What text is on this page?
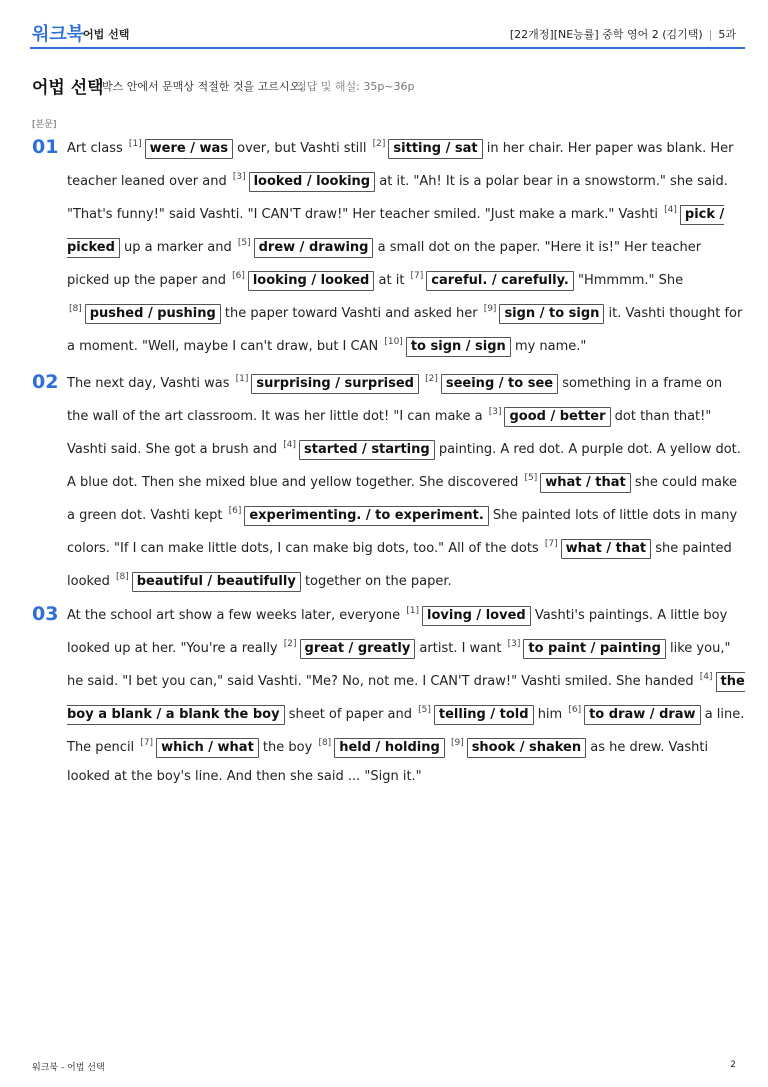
워크북
어법 선택	[22개정][NE능률] 중학 영어 2 (김기택) | 5과
어법 선택
박스 안에서 문맥상 적절한 것을 고르시오.
정답 및 해설: 35p~36p
[본문]
01 Art class [1] were / was over, but Vashti still [2] sitting / sat in her chair. Her paper was blank. Her teacher leaned over and [3] looked / looking at it. "Ah! It is a polar bear in a snowstorm." she said. "That's funny!" said Vashti. "I CAN'T draw!" Her teacher smiled. "Just make a mark." Vashti [4] pick / picked up a marker and [5] drew / drawing a small dot on the paper. "Here it is!" Her teacher picked up the paper and [6] looking / looked at it [7] careful. / carefully. "Hmmmm." She [8] pushed / pushing the paper toward Vashti and asked her [9] sign / to sign it. Vashti thought for a moment. "Well, maybe I can't draw, but I CAN [10] to sign / sign my name."
02 The next day, Vashti was [1] surprising / surprised [2] seeing / to see something in a frame on the wall of the art classroom. It was her little dot! "I can make a [3] good / better dot than that!" Vashti said. She got a brush and [4] started / starting painting. A red dot. A purple dot. A yellow dot. A blue dot. Then she mixed blue and yellow together. She discovered [5] what / that she could make a green dot. Vashti kept [6] experimenting. / to experiment. She painted lots of little dots in many colors. "If I can make little dots, I can make big dots, too." All of the dots [7] what / that she painted looked [8] beautiful / beautifully together on the paper.
03 At the school art show a few weeks later, everyone [1] loving / loved Vashti's paintings. A little boy looked up at her. "You're a really [2] great / greatly artist. I want [3] to paint / painting like you," he said. "I bet you can," said Vashti. "Me? No, not me. I CAN'T draw!" Vashti smiled. She handed [4] the boy a blank / a blank the boy sheet of paper and [5] telling / told him [6] to draw / draw a line. The pencil [7] which / what the boy [8] held / holding [9] shook / shaken as he drew. Vashti looked at the boy's line. And then she said ... "Sign it."
워크북 - 어법 선택	2
